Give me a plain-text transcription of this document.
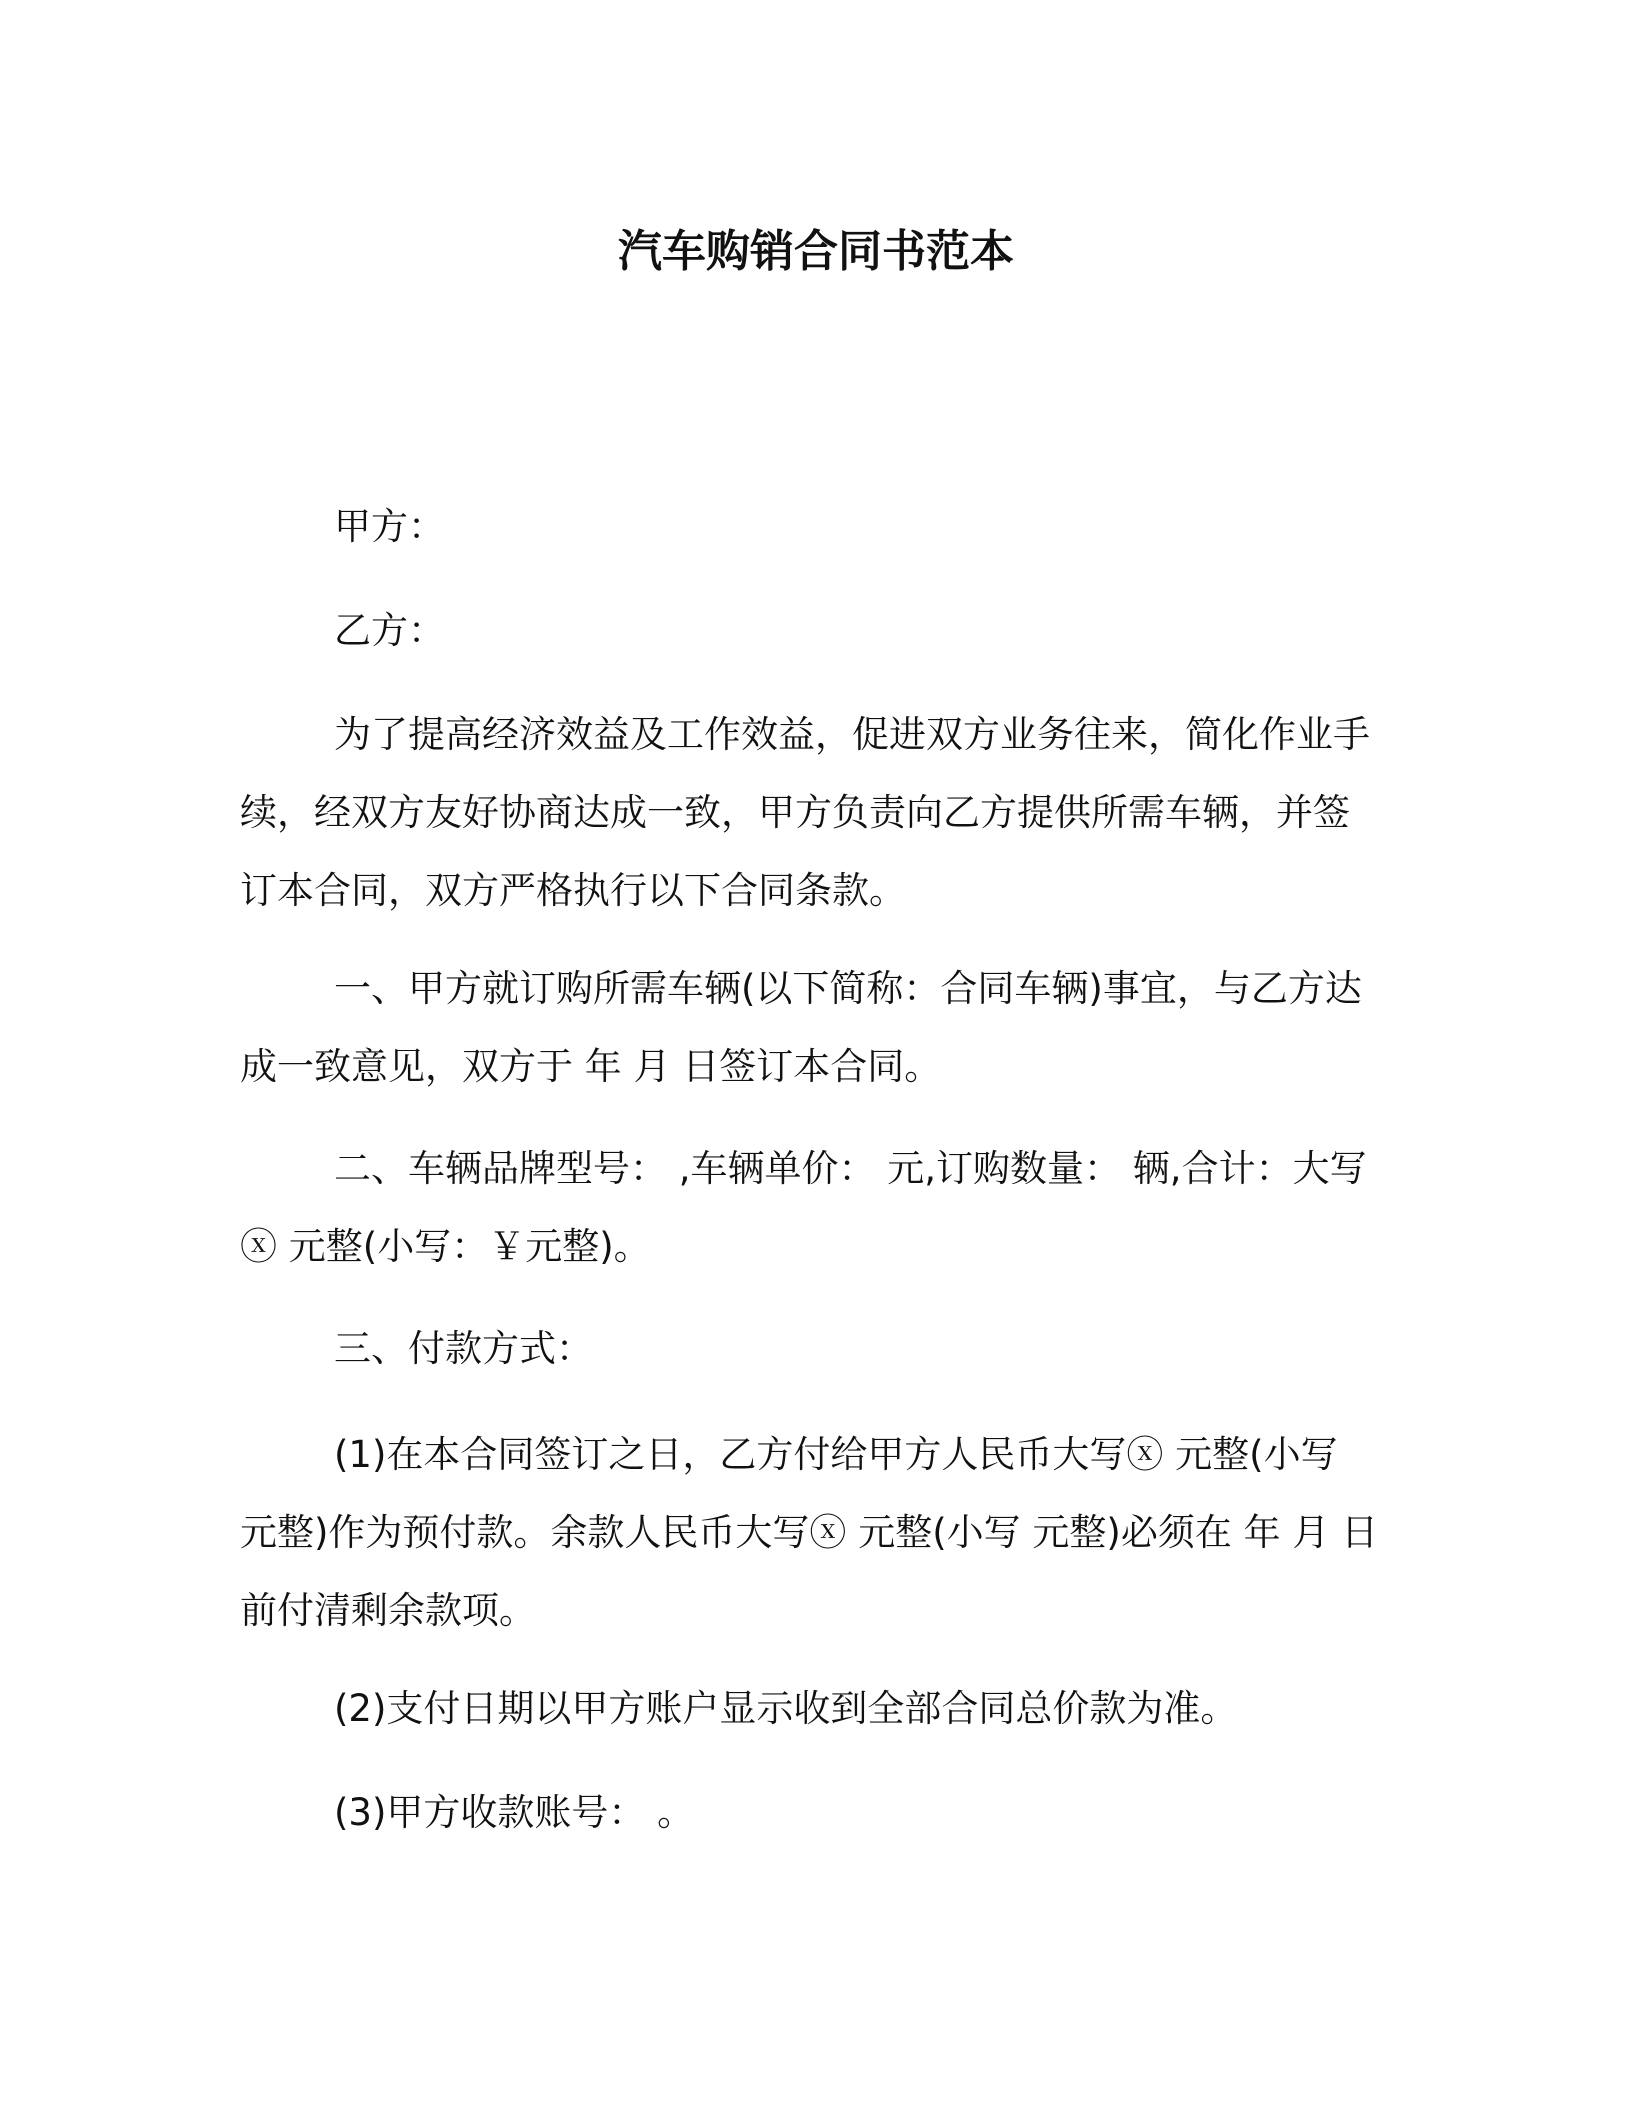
汽车购销合同书范本

甲方：

乙方：

为了提高经济效益及工作效益，促进双方业务往来，简化作业手续，经双方友好协商达成一致，甲方负责向乙方提供所需车辆，并签订本合同，双方严格执行以下合同条款。

一、甲方就订购所需车辆(以下简称：合同车辆)事宜，与乙方达成一致意见，双方于 年 月 日签订本合同。

二、车辆品牌型号： ,车辆单价： 元,订购数量： 辆,合计：大写ⓧ 元整(小写：￥元整)。

三、付款方式：

(1)在本合同签订之日，乙方付给甲方人民币大写ⓧ 元整(小写 元整)作为预付款。余款人民币大写ⓧ 元整(小写 元整)必须在 年 月 日前付清剩余款项。

(2)支付日期以甲方账户显示收到全部合同总价款为准。

(3)甲方收款账号： 。
